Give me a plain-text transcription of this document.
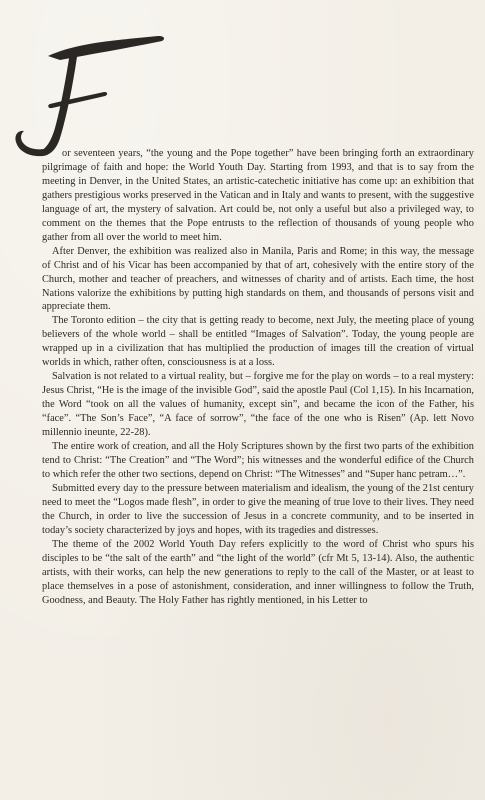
or seventeen years, “the young and the Pope together” have been bringing forth an extraordinary pilgrimage of faith and hope: the World Youth Day. Starting from 1993, and that is to say from the meeting in Denver, in the United States, an artistic-catechetic initiative has come up: an exhibition that gathers prestigious works preserved in the Vatican and in Italy and wants to present, with the suggestive language of art, the mystery of salvation. Art could be, not only a useful but also a privileged way, to comment on the themes that the Pope entrusts to the reflection of thousands of young people who gather from all over the world to meet him.

After Denver, the exhibition was realized also in Manila, Paris and Rome; in this way, the message of Christ and of his Vicar has been accompanied by that of art, cohesively with the entire story of the Church, mother and teacher of preachers, and witnesses of charity and of artists. Each time, the host Nations valorize the exhibitions by putting high standards on them, and thousands of persons visit and appreciate them.

The Toronto edition – the city that is getting ready to become, next July, the meeting place of young believers of the whole world – shall be entitled “Images of Salvation”. Today, the young people are wrapped up in a civilization that has multiplied the production of images till the creation of virtual worlds in which, rather often, consciousness is at a loss.

Salvation is not related to a virtual reality, but – forgive me for the play on words – to a real mystery: Jesus Christ, “He is the image of the invisible God”, said the apostle Paul (Col 1,15). In his Incarnation, the Word “took on all the values of humanity, except sin”, and became the icon of the Father, his “face”. “The Son’s Face”, “A face of sorrow”, “the face of the one who is Risen” (Ap. lett Novo millennio ineunte, 22-28).

The entire work of creation, and all the Holy Scriptures shown by the first two parts of the exhibition tend to Christ: “The Creation” and “The Word”; his witnesses and the wonderful edifice of the Church to which refer the other two sections, depend on Christ: “The Witnesses” and “Super hanc petram…”.

Submitted every day to the pressure between materialism and idealism, the young of the 21st century need to meet the “Logos made flesh”, in order to give the meaning of true love to their lives. They need the Church, in order to live the succession of Jesus in a concrete community, and to be inserted in today’s society characterized by joys and hopes, with its tragedies and distresses.

The theme of the 2002 World Youth Day refers explicitly to the word of Christ who spurs his disciples to be “the salt of the earth” and “the light of the world” (cfr Mt 5, 13-14). Also, the authentic artists, with their works, can help the new generations to reply to the call of the Master, or at least to place themselves in a pose of astonishment, consideration, and inner willingness to follow the Truth, Goodness, and Beauty. The Holy Father has rightly mentioned, in his Letter to
